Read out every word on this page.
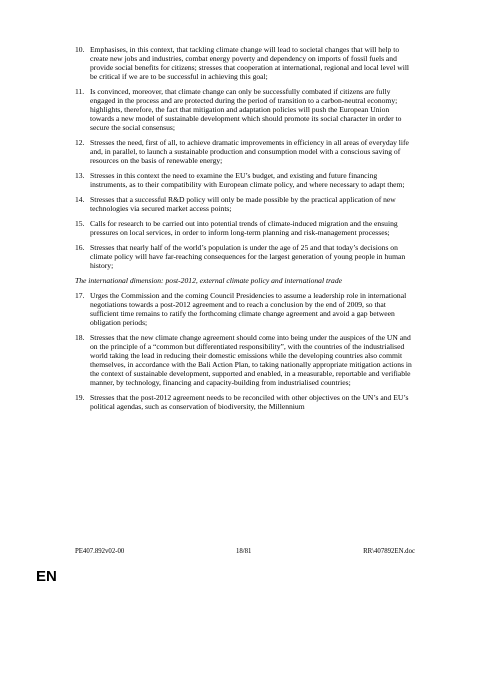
10. Emphasises, in this context, that tackling climate change will lead to societal changes that will help to create new jobs and industries, combat energy poverty and dependency on imports of fossil fuels and provide social benefits for citizens; stresses that cooperation at international, regional and local level will be critical if we are to be successful in achieving this goal;
11. Is convinced, moreover, that climate change can only be successfully combated if citizens are fully engaged in the process and are protected during the period of transition to a carbon-neutral economy; highlights, therefore, the fact that mitigation and adaptation policies will push the European Union towards a new model of sustainable development which should promote its social character in order to secure the social consensus;
12. Stresses the need, first of all, to achieve dramatic improvements in efficiency in all areas of everyday life and, in parallel, to launch a sustainable production and consumption model with a conscious saving of resources on the basis of renewable energy;
13. Stresses in this context the need to examine the EU’s budget, and existing and future financing instruments, as to their compatibility with European climate policy, and where necessary to adapt them;
14. Stresses that a successful R&D policy will only be made possible by the practical application of new technologies via secured market access points;
15. Calls for research to be carried out into potential trends of climate-induced migration and the ensuing pressures on local services, in order to inform long-term planning and risk-management processes;
16. Stresses that nearly half of the world’s population is under the age of 25 and that today’s decisions on climate policy will have far-reaching consequences for the largest generation of young people in human history;
The international dimension: post-2012, external climate policy and international trade
17. Urges the Commission and the coming Council Presidencies to assume a leadership role in international negotiations towards a post-2012 agreement and to reach a conclusion by the end of 2009, so that sufficient time remains to ratify the forthcoming climate change agreement and avoid a gap between obligation periods;
18. Stresses that the new climate change agreement should come into being under the auspices of the UN and on the principle of a “common but differentiated responsibility”, with the countries of the industrialised world taking the lead in reducing their domestic emissions while the developing countries also commit themselves, in accordance with the Bali Action Plan, to taking nationally appropriate mitigation actions in the context of sustainable development, supported and enabled, in a measurable, reportable and verifiable manner, by technology, financing and capacity-building from industrialised countries;
19. Stresses that the post-2012 agreement needs to be reconciled with other objectives on the UN’s and EU’s political agendas, such as conservation of biodiversity, the Millennium
PE407.892v02-00	18/81	RR\407892EN.doc
EN
